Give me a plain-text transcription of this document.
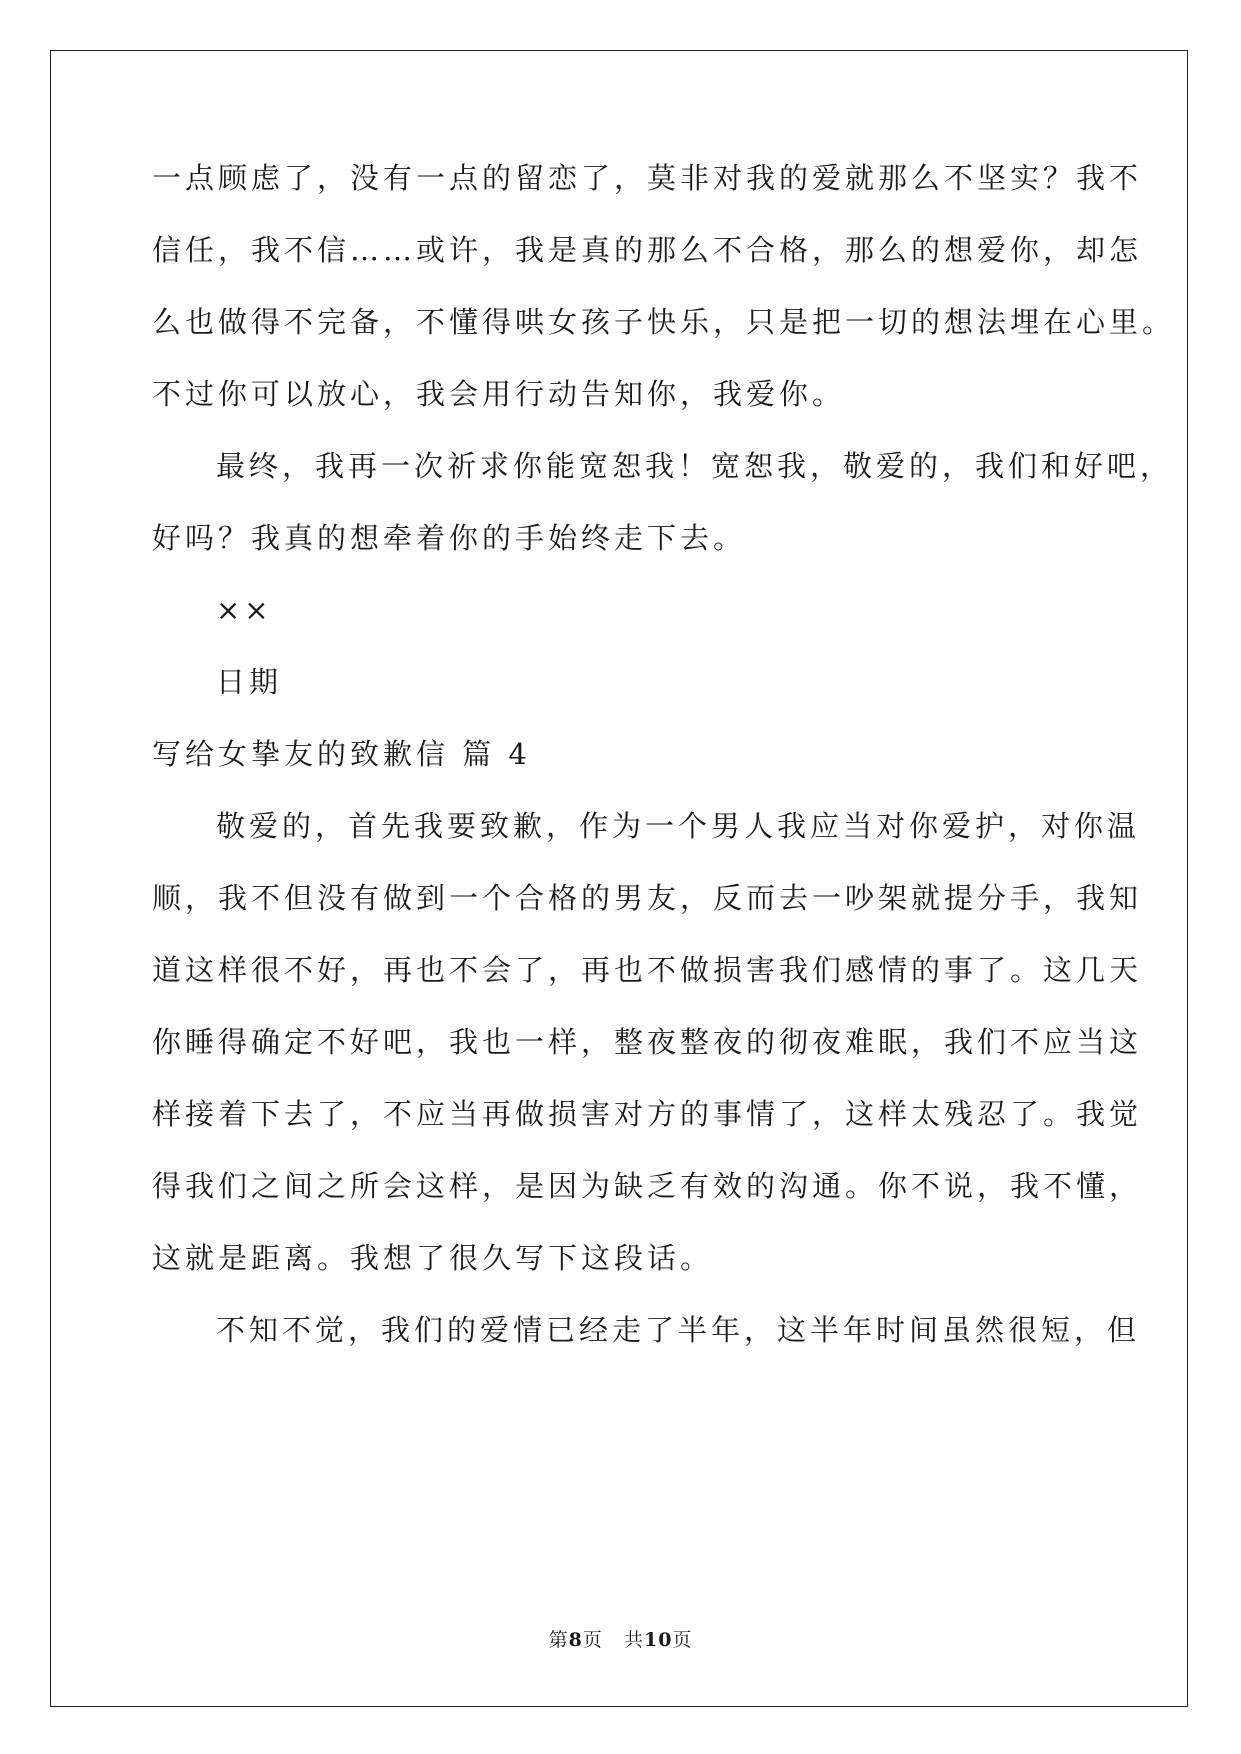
一点顾虑了，没有一点的留恋了，莫非对我的爱就那么不坚实？我不
信任，我不信……或许，我是真的那么不合格，那么的想爱你，却怎
么也做得不完备，不懂得哄女孩子快乐，只是把一切的想法埋在心里。
不过你可以放心，我会用行动告知你，我爱你。
最终，我再一次祈求你能宽恕我！宽恕我，敬爱的，我们和好吧，
好吗？我真的想牵着你的手始终走下去。
××
日期
写给女挚友的致歉信 篇 4
敬爱的，首先我要致歉，作为一个男人我应当对你爱护，对你温
顺，我不但没有做到一个合格的男友，反而去一吵架就提分手，我知
道这样很不好，再也不会了，再也不做损害我们感情的事了。这几天
你睡得确定不好吧，我也一样，整夜整夜的彻夜难眠，我们不应当这
样接着下去了，不应当再做损害对方的事情了，这样太残忍了。我觉
得我们之间之所会这样，是因为缺乏有效的沟通。你不说，我不懂，
这就是距离。我想了很久写下这段话。
不知不觉，我们的爱情已经走了半年，这半年时间虽然很短，但
第8页 共10页
